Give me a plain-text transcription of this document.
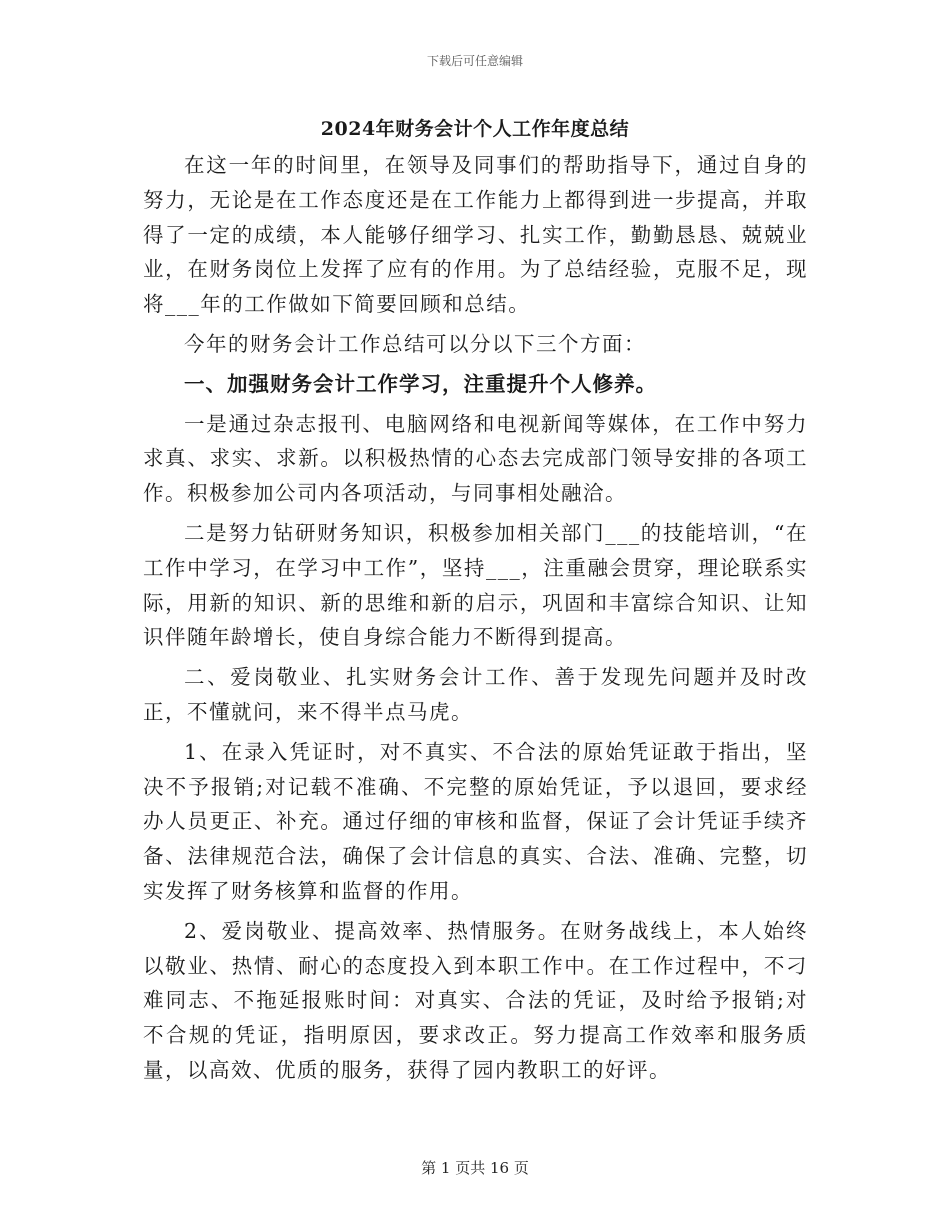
下载后可任意编辑
2024年财务会计个人工作年度总结

在这一年的时间里，在领导及同事们的帮助指导下，通过自身的努力，无论是在工作态度还是在工作能力上都得到进一步提高，并取得了一定的成绩，本人能够仔细学习、扎实工作，勤勤恳恳、兢兢业业，在财务岗位上发挥了应有的作用。为了总结经验，克服不足，现将___年的工作做如下简要回顾和总结。

今年的财务会计工作总结可以分以下三个方面：

一、加强财务会计工作学习，注重提升个人修养。

一是通过杂志报刊、电脑网络和电视新闻等媒体，在工作中努力求真、求实、求新。以积极热情的心态去完成部门领导安排的各项工作。积极参加公司内各项活动，与同事相处融洽。

二是努力钻研财务知识，积极参加相关部门___的技能培训，“在工作中学习，在学习中工作”，坚持___，注重融会贯穿，理论联系实际，用新的知识、新的思维和新的启示，巩固和丰富综合知识、让知识伴随年龄增长，使自身综合能力不断得到提高。

二、爱岗敬业、扎实财务会计工作、善于发现先问题并及时改正，不懂就问，来不得半点马虎。

1、在录入凭证时，对不真实、不合法的原始凭证敢于指出，坚决不予报销;对记载不准确、不完整的原始凭证，予以退回，要求经办人员更正、补充。通过仔细的审核和监督，保证了会计凭证手续齐备、法律规范合法，确保了会计信息的真实、合法、准确、完整，切实发挥了财务核算和监督的作用。

2、爱岗敬业、提高效率、热情服务。在财务战线上，本人始终以敬业、热情、耐心的态度投入到本职工作中。在工作过程中，不刁难同志、不拖延报账时间：对真实、合法的凭证，及时给予报销;对不合规的凭证，指明原因，要求改正。努力提高工作效率和服务质量，以高效、优质的服务，获得了园内教职工的好评。

第 1 页共 16 页
